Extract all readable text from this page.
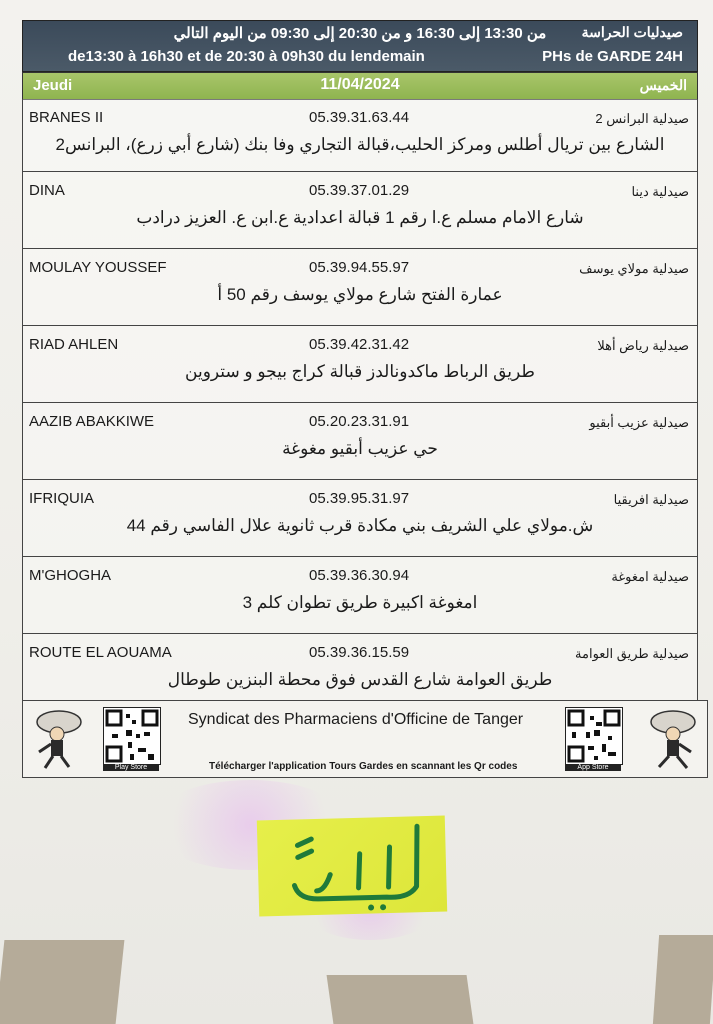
من 13:30 إلى 16:30 و من 20:30 إلى 09:30 من اليوم التالي
de13:30 à 16h30 et de 20:30 à 09h30 du lendemain
صيدليات الحراسة
PHs de GARDE 24H
Jeudi	11/04/2024	الخميس
BRANES II	05.39.31.63.44	صيدلية البرانس 2
الشارع بين تريال أطلس ومركز الحليب،قبالة التجاري وفا بنك (شارع أبي زرع)، البرانس2
DINA	05.39.37.01.29	صيدلية دينا
شارع الامام مسلم ع.ا رقم 1 قبالة اعدادية ع.ابن ع. العزيز درادب
MOULAY YOUSSEF	05.39.94.55.97	صيدلية مولاي يوسف
عمارة الفتح شارع مولاي يوسف رقم 50 أ
RIAD AHLEN	05.39.42.31.42	صيدلية رياض أهلا
طريق الرباط ماكدونالدز قبالة كراج بيجو و ستروين
AAZIB ABAKKIWE	05.20.23.31.91	صيدلية عزيب أبقيو
حي عزيب أبقيو مغوغة
IFRIQUIA	05.39.95.31.97	صيدلية افريقيا
ش.مولاي علي الشريف بني مكادة قرب ثانوية علال الفاسي رقم 44
M'GHOGHA	05.39.36.30.94	صيدلية امغوغة
امغوغة اكبيرة طريق تطوان كلم 3
ROUTE EL AOUAMA	05.39.36.15.59	صيدلية طريق العوامة
طريق العوامة شارع القدس فوق محطة البنزين طوطال
Play Store
Syndicat des Pharmaciens d'Officine de Tanger
Télécharger l'application Tours Gardes en scannant les Qr codes	App Store
